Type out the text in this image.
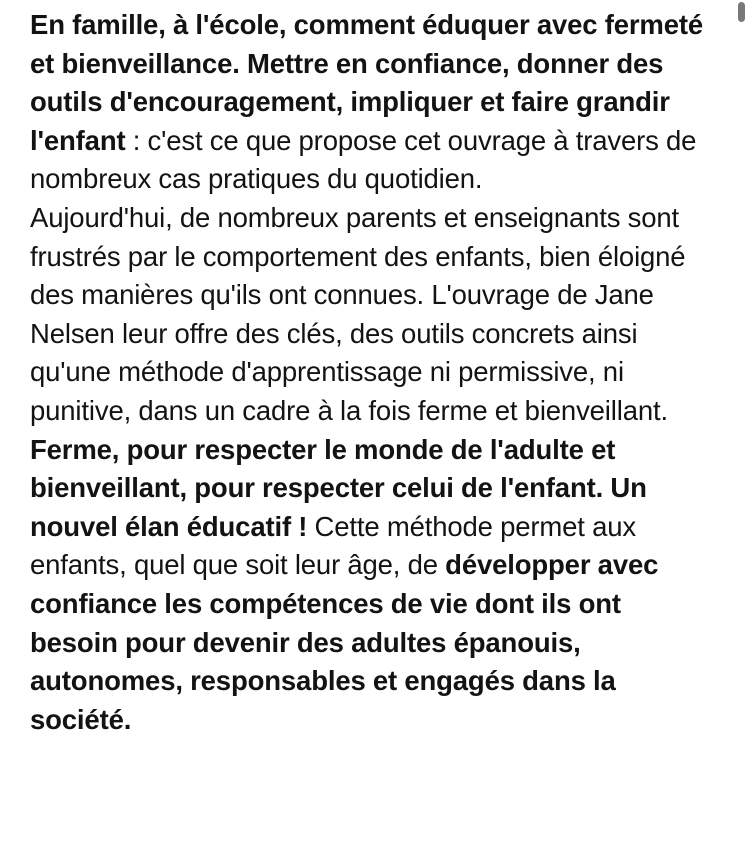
En famille, à l'école, comment éduquer avec fermeté et bienveillance. Mettre en confiance, donner des outils d'encouragement, impliquer et faire grandir l'enfant : c'est ce que propose cet ouvrage à travers de nombreux cas pratiques du quotidien.

Aujourd'hui, de nombreux parents et enseignants sont frustrés par le comportement des enfants, bien éloigné des manières qu'ils ont connues. L'ouvrage de Jane Nelsen leur offre des clés, des outils concrets ainsi qu'une méthode d'apprentissage ni permissive, ni punitive, dans un cadre à la fois ferme et bienveillant. Ferme, pour respecter le monde de l'adulte et bienveillant, pour respecter celui de l'enfant. Un nouvel élan éducatif ! Cette méthode permet aux enfants, quel que soit leur âge, de développer avec confiance les compétences de vie dont ils ont besoin pour devenir des adultes épanouis, autonomes, responsables et engagés dans la société.
